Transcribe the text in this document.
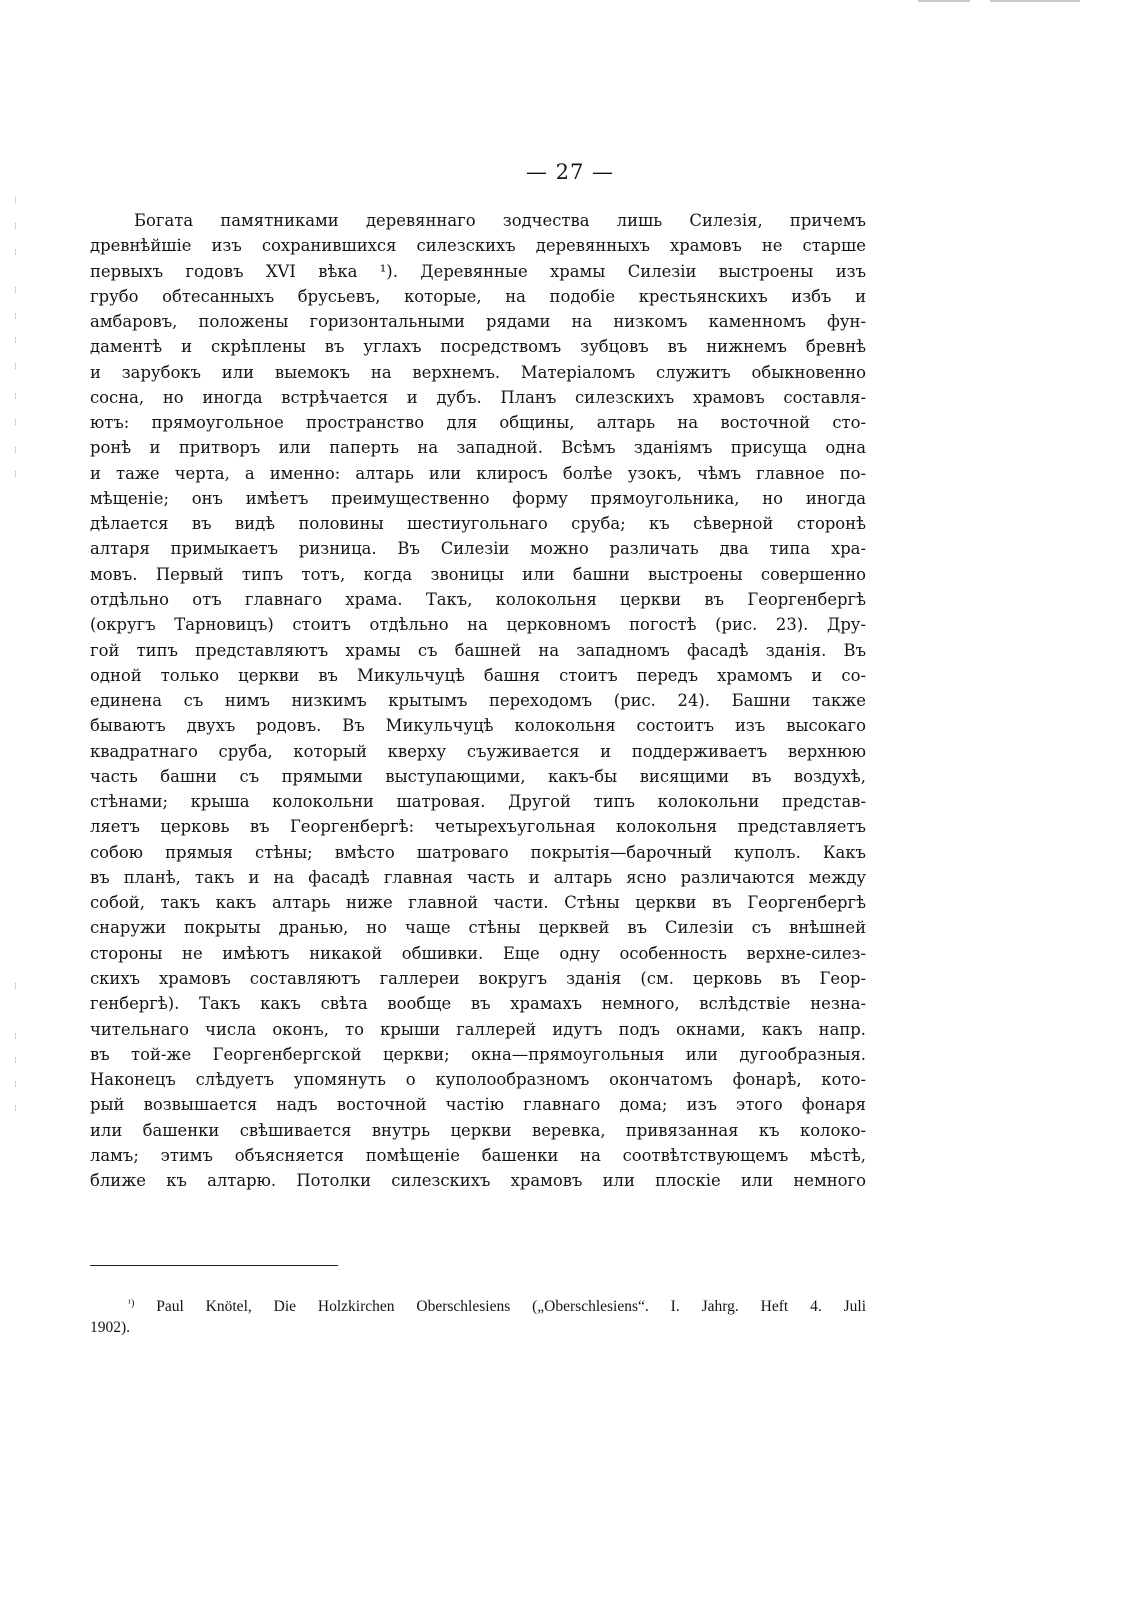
⁞
⁞
⁞
⁞
⁞
⁞
⁞
⁞
⁞
⁞
⁞
⁞
⁞
⁞
⁞
⁞
— 27 —
Богата памятниками деревяннаго зодчества лишь Силезія, причемъ
древнѣйшіе изъ сохранившихся силезскихъ деревянныхъ храмовъ не старше
первыхъ годовъ XVI вѣка ¹). Деревянные храмы Силезіи выстроены изъ
грубо обтесанныхъ брусьевъ, которые, на подобіе крестьянскихъ избъ и
амбаровъ, положены горизонтальными рядами на низкомъ каменномъ фун-
даментѣ и скрѣплены въ углахъ посредствомъ зубцовъ въ нижнемъ бревнѣ
и зарубокъ или выемокъ на верхнемъ. Матеріаломъ служитъ обыкновенно
сосна, но иногда встрѣчается и дубъ. Планъ силезскихъ храмовъ составля-
ютъ: прямоугольное пространство для общины, алтарь на восточной сто-
ронѣ и притворъ или паперть на западной. Всѣмъ зданіямъ присуща одна
и таже черта, а именно: алтарь или клиросъ болѣе узокъ, чѣмъ главное по-
мѣщеніе; онъ имѣетъ преимущественно форму прямоугольника, но иногда
дѣлается въ видѣ половины шестиугольнаго сруба; къ сѣверной сторонѣ
алтаря примыкаетъ ризница. Въ Силезіи можно различать два типа хра-
мовъ. Первый типъ тотъ, когда звоницы или башни выстроены совершенно
отдѣльно отъ главнаго храма. Такъ, колокольня церкви въ Георгенбергѣ
(округъ Тарновицъ) стоитъ отдѣльно на церковномъ погостѣ (рис. 23). Дру-
гой типъ представляютъ храмы съ башней на западномъ фасадѣ зданія. Въ
одной только церкви въ Микульчуцѣ башня стоитъ передъ храмомъ и со-
единена съ нимъ низкимъ крытымъ переходомъ (рис. 24). Башни также
бываютъ двухъ родовъ. Въ Микульчуцѣ колокольня состоитъ изъ высокаго
квадратнаго сруба, который кверху съуживается и поддерживаетъ верхнюю
часть башни съ прямыми выступающими, какъ-бы висящими въ воздухѣ,
стѣнами; крыша колокольни шатровая. Другой типъ колокольни представ-
ляетъ церковь въ Георгенбергѣ: четырехъугольная колокольня представляетъ
собою прямыя стѣны; вмѣсто шатроваго покрытія—барочный куполъ. Какъ
въ планѣ, такъ и на фасадѣ главная часть и алтарь ясно различаются между
собой, такъ какъ алтарь ниже главной части. Стѣны церкви въ Георгенбергѣ
снаружи покрыты дранью, но чаще стѣны церквей въ Силезіи съ внѣшней
стороны не имѣютъ никакой обшивки. Еще одну особенность верхне-силез-
скихъ храмовъ составляютъ галлереи вокругъ зданія (см. церковь въ Геор-
генбергѣ). Такъ какъ свѣта вообще въ храмахъ немного, вслѣдствіе незна-
чительнаго числа оконъ, то крыши галлерей идутъ подъ окнами, какъ напр.
въ той-же Георгенбергской церкви; окна—прямоугольныя или дугообразныя.
Наконецъ слѣдуетъ упомянуть о куполообразномъ окончатомъ фонарѣ, кото-
рый возвышается надъ восточной частію главнаго дома; изъ этого фонаря
или башенки свѣшивается внутрь церкви веревка, привязанная къ колоко-
ламъ; этимъ объясняется помѣщеніе башенки на соотвѣтствующемъ мѣстѣ,
ближе къ алтарю. Потолки силезскихъ храмовъ или плоскіе или немного
$^{^1)}$ Paul Knötel, Die Holzkirchen Oberschlesiens („Oberschlesiens“. I. Jahrg. Heft 4. Juli
1902).
